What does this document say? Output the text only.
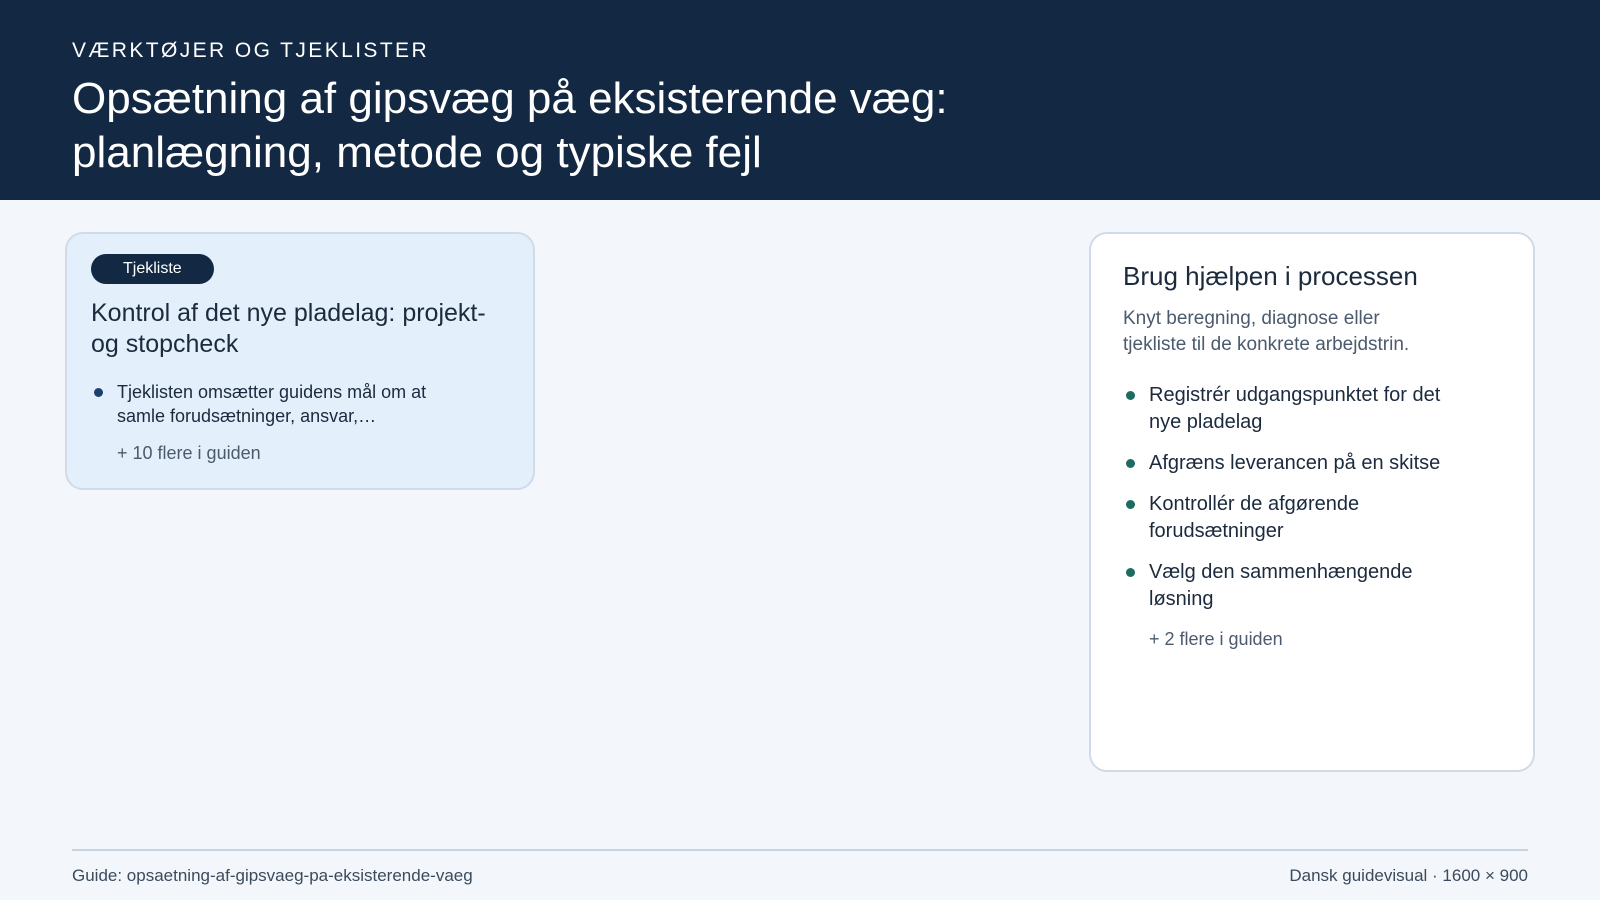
VÆRKTØJER OG TJEKLISTER

Opsætning af gipsvæg på eksisterende væg: planlægning, metode og typiske fejl
Tjekliste
Kontrol af det nye pladelag: projekt- og stopcheck
Tjeklisten omsætter guidens mål om at samle forudsætninger, ansvar,…
+ 10 flere i guiden
Brug hjælpen i processen

Knyt beregning, diagnose eller tjekliste til de konkrete arbejdstrin.

Registrér udgangspunktet for det nye pladelag
Afgræns leverancen på en skitse
Kontrollér de afgørende forudsætninger
Vælg den sammenhængende løsning
+ 2 flere i guiden
Guide: opsaetning-af-gipsvaeg-pa-eksisterende-vaeg	Dansk guidevisual · 1600 × 900
